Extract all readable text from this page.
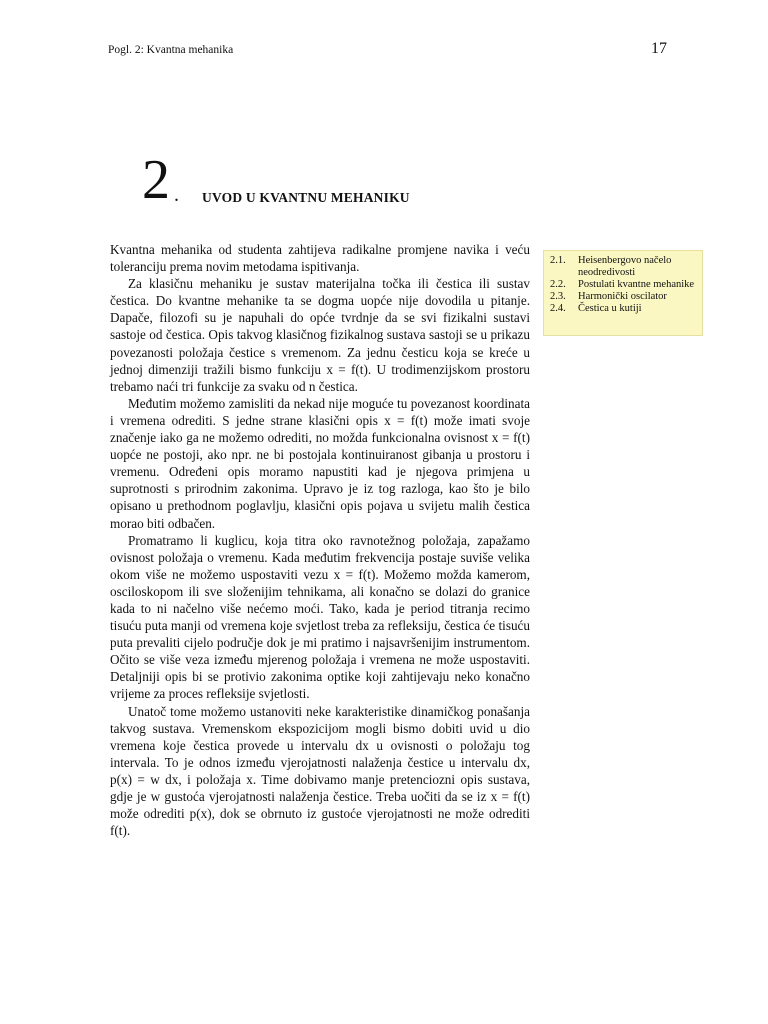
Pogl. 2: Kvantna mehanika	17
2 . UVOD U KVANTNU MEHANIKU
2.1.	Heisenbergovo načelo neodredivosti
2.2.	Postulati kvantne mehanike
2.3.	Harmonički oscilator
2.4.	Čestica u kutiji

Kvantna mehanika od studenta zahtijeva radikalne promjene navika i veću toleranciju prema novim metodama ispitivanja.

Za klasičnu mehaniku je sustav materijalna točka ili čestica ili sustav čestica. Do kvantne mehanike ta se dogma uopće nije dovodila u pitanje. Dapače, filozofi su je napuhali do opće tvrdnje da se svi fizikalni sustavi sastoje od čestica. Opis takvog klasičnog fizikalnog sustava sastoji se u prikazu povezanosti položaja čestice s vremenom. Za jednu česticu koja se kreće u jednoj dimenziji tražili bismo funkciju x = f(t). U trodimenzijskom prostoru trebamo naći tri funkcije za svaku od n čestica.

Međutim možemo zamisliti da nekad nije moguće tu povezanost koordinata i vremena odrediti. S jedne strane klasični opis x = f(t) može imati svoje značenje iako ga ne možemo odrediti, no možda funkcionalna ovisnost x = f(t) uopće ne postoji, ako npr. ne bi postojala kontinuiranost gibanja u prostoru i vremenu. Određeni opis moramo napustiti kad je njegova primjena u suprotnosti s prirodnim zakonima. Upravo je iz tog razloga, kao što je bilo opisano u prethodnom poglavlju, klasični opis pojava u svijetu malih čestica morao biti odbačen.

Promatramo li kuglicu, koja titra oko ravnotežnog položaja, zapažamo ovisnost položaja o vremenu. Kada međutim frekvencija postaje suviše velika okom više ne možemo uspostaviti vezu x = f(t). Možemo možda kamerom, osciloskopom ili sve složenijim tehnikama, ali konačno se dolazi do granice kada to ni načelno više nećemo moći. Tako, kada je period titranja recimo tisuću puta manji od vremena koje svjetlost treba za refleksiju, čestica će tisuću puta prevaliti cijelo područje dok je mi pratimo i najsavršenijim instrumentom. Očito se više veza između mjerenog položaja i vremena ne može uspostaviti. Detaljniji opis bi se protivio zakonima optike koji zahtijevaju neko konačno vrijeme za proces refleksije svjetlosti.

Unatoč tome možemo ustanoviti neke karakteristike dinamičkog ponašanja takvog sustava. Vremenskom ekspozicijom mogli bismo dobiti uvid u dio vremena koje čestica provede u intervalu dx u ovisnosti o položaju tog intervala. To je odnos između vjerojatnosti nalaženja čestice u intervalu dx, p(x) = w dx, i položaja x. Time dobivamo manje pretenciozni opis sustava, gdje je w gustoća vjerojatnosti nalaženja čestice. Treba uočiti da se iz x = f(t) može odrediti p(x), dok se obrnuto iz gustoće vjerojatnosti ne može odrediti f(t).
